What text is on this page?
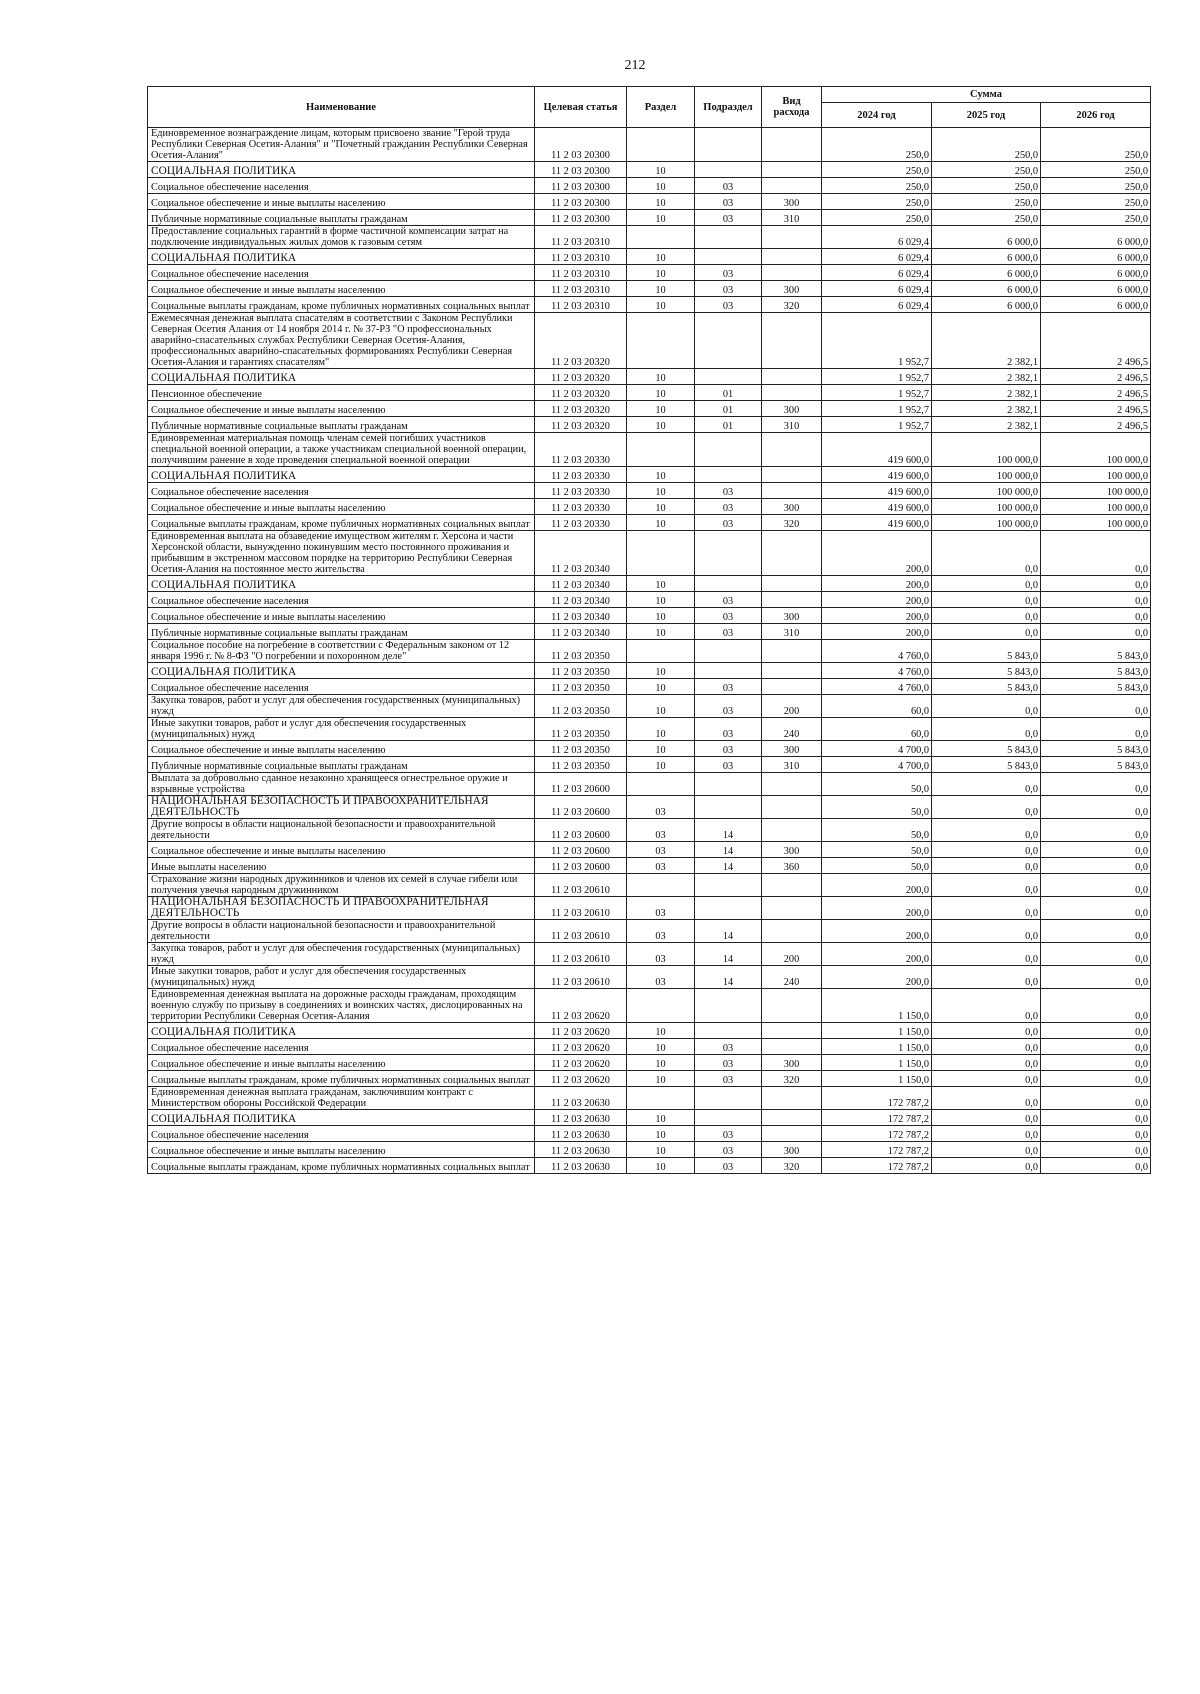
212
Наименование	Целевая статья	Раздел	Подраздел	Вид расхода	Сумма		
					2024 год	2025 год	2026 год
Единовременное вознаграждение лицам, которым присвоено звание "Герой труда Республики Северная Осетия-Алания" и "Почетный гражданин Республики Северная Осетия-Алания"	11 2 03 20300				250,0	250,0	250,0
СОЦИАЛЬНАЯ ПОЛИТИКА	11 2 03 20300	10			250,0	250,0	250,0
Социальное обеспечение населения	11 2 03 20300	10	03		250,0	250,0	250,0
Социальное обеспечение и иные выплаты населению	11 2 03 20300	10	03	300	250,0	250,0	250,0
Публичные нормативные социальные выплаты гражданам	11 2 03 20300	10	03	310	250,0	250,0	250,0
Предоставление социальных гарантий в форме частичной компенсации затрат на подключение индивидуальных жилых домов к газовым сетям	11 2 03 20310				6 029,4	6 000,0	6 000,0
СОЦИАЛЬНАЯ ПОЛИТИКА	11 2 03 20310	10			6 029,4	6 000,0	6 000,0
Социальное обеспечение населения	11 2 03 20310	10	03		6 029,4	6 000,0	6 000,0
Социальное обеспечение и иные выплаты населению	11 2 03 20310	10	03	300	6 029,4	6 000,0	6 000,0
Социальные выплаты гражданам, кроме публичных нормативных социальных выплат	11 2 03 20310	10	03	320	6 029,4	6 000,0	6 000,0
Ежемесячная денежная выплата спасателям в соответствии с Законом Республики Северная Осетия Алания от 14 ноября 2014 г. № 37-РЗ "О профессиональных аварийно-спасательных службах Республики Северная Осетия-Алания, профессиональных аварийно-спасательных формированиях Республики Северная Осетия-Алания и гарантиях спасателям"	11 2 03 20320				1 952,7	2 382,1	2 496,5
СОЦИАЛЬНАЯ ПОЛИТИКА	11 2 03 20320	10			1 952,7	2 382,1	2 496,5
Пенсионное обеспечение	11 2 03 20320	10	01		1 952,7	2 382,1	2 496,5
Социальное обеспечение и иные выплаты населению	11 2 03 20320	10	01	300	1 952,7	2 382,1	2 496,5
Публичные нормативные социальные выплаты гражданам	11 2 03 20320	10	01	310	1 952,7	2 382,1	2 496,5
Единовременная материальная помощь членам семей погибших участников специальной военной операции, а также участникам специальной военной операции, получившим ранение в ходе проведения специальной военной операции	11 2 03 20330				419 600,0	100 000,0	100 000,0
СОЦИАЛЬНАЯ ПОЛИТИКА	11 2 03 20330	10			419 600,0	100 000,0	100 000,0
Социальное обеспечение населения	11 2 03 20330	10	03		419 600,0	100 000,0	100 000,0
Социальное обеспечение и иные выплаты населению	11 2 03 20330	10	03	300	419 600,0	100 000,0	100 000,0
Социальные выплаты гражданам, кроме публичных нормативных социальных выплат	11 2 03 20330	10	03	320	419 600,0	100 000,0	100 000,0
Единовременная выплата на обзаведение имуществом жителям г. Херсона и части Херсонской области, вынужденно покинувшим место постоянного проживания и прибывшим в экстренном массовом порядке на территорию Республики Северная Осетия-Алания на постоянное место жительства	11 2 03 20340				200,0	0,0	0,0
СОЦИАЛЬНАЯ ПОЛИТИКА	11 2 03 20340	10			200,0	0,0	0,0
Социальное обеспечение населения	11 2 03 20340	10	03		200,0	0,0	0,0
Социальное обеспечение и иные выплаты населению	11 2 03 20340	10	03	300	200,0	0,0	0,0
Публичные нормативные социальные выплаты гражданам	11 2 03 20340	10	03	310	200,0	0,0	0,0
Социальное пособие на погребение в соответствии с Федеральным законом от 12 января 1996 г. № 8-ФЗ "О погребении и похоронном деле"	11 2 03 20350				4 760,0	5 843,0	5 843,0
СОЦИАЛЬНАЯ ПОЛИТИКА	11 2 03 20350	10			4 760,0	5 843,0	5 843,0
Социальное обеспечение населения	11 2 03 20350	10	03		4 760,0	5 843,0	5 843,0
Закупка товаров, работ и услуг для обеспечения государственных (муниципальных) нужд	11 2 03 20350	10	03	200	60,0	0,0	0,0
Иные закупки товаров, работ и услуг для обеспечения государственных (муниципальных) нужд	11 2 03 20350	10	03	240	60,0	0,0	0,0
Социальное обеспечение и иные выплаты населению	11 2 03 20350	10	03	300	4 700,0	5 843,0	5 843,0
Публичные нормативные социальные выплаты гражданам	11 2 03 20350	10	03	310	4 700,0	5 843,0	5 843,0
Выплата за добровольно сданное незаконно хранящееся огнестрельное оружие и взрывные устройства	11 2 03 20600				50,0	0,0	0,0
НАЦИОНАЛЬНАЯ БЕЗОПАСНОСТЬ И ПРАВООХРАНИТЕЛЬНАЯ ДЕЯТЕЛЬНОСТЬ	11 2 03 20600	03			50,0	0,0	0,0
Другие вопросы в области национальной безопасности и правоохранительной деятельности	11 2 03 20600	03	14		50,0	0,0	0,0
Социальное обеспечение и иные выплаты населению	11 2 03 20600	03	14	300	50,0	0,0	0,0
Иные выплаты населению	11 2 03 20600	03	14	360	50,0	0,0	0,0
Страхование жизни народных дружинников и членов их семей в случае гибели или получения увечья народным дружинником	11 2 03 20610				200,0	0,0	0,0
НАЦИОНАЛЬНАЯ БЕЗОПАСНОСТЬ И ПРАВООХРАНИТЕЛЬНАЯ ДЕЯТЕЛЬНОСТЬ	11 2 03 20610	03			200,0	0,0	0,0
Другие вопросы в области национальной безопасности и правоохранительной деятельности	11 2 03 20610	03	14		200,0	0,0	0,0
Закупка товаров, работ и услуг для обеспечения государственных (муниципальных) нужд	11 2 03 20610	03	14	200	200,0	0,0	0,0
Иные закупки товаров, работ и услуг для обеспечения государственных (муниципальных) нужд	11 2 03 20610	03	14	240	200,0	0,0	0,0
Единовременная денежная выплата на дорожные расходы гражданам, проходящим военную службу по призыву в соединениях и воинских частях, дислоцированных на территории Республики Северная Осетия-Алания	11 2 03 20620				1 150,0	0,0	0,0
СОЦИАЛЬНАЯ ПОЛИТИКА	11 2 03 20620	10			1 150,0	0,0	0,0
Социальное обеспечение населения	11 2 03 20620	10	03		1 150,0	0,0	0,0
Социальное обеспечение и иные выплаты населению	11 2 03 20620	10	03	300	1 150,0	0,0	0,0
Социальные выплаты гражданам, кроме публичных нормативных социальных выплат	11 2 03 20620	10	03	320	1 150,0	0,0	0,0
Единовременная денежная выплата гражданам, заключившим контракт с Министерством обороны Российской Федерации	11 2 03 20630				172 787,2	0,0	0,0
СОЦИАЛЬНАЯ ПОЛИТИКА	11 2 03 20630	10			172 787,2	0,0	0,0
Социальное обеспечение населения	11 2 03 20630	10	03		172 787,2	0,0	0,0
Социальное обеспечение и иные выплаты населению	11 2 03 20630	10	03	300	172 787,2	0,0	0,0
Социальные выплаты гражданам, кроме публичных нормативных социальных выплат	11 2 03 20630	10	03	320	172 787,2	0,0	0,0
